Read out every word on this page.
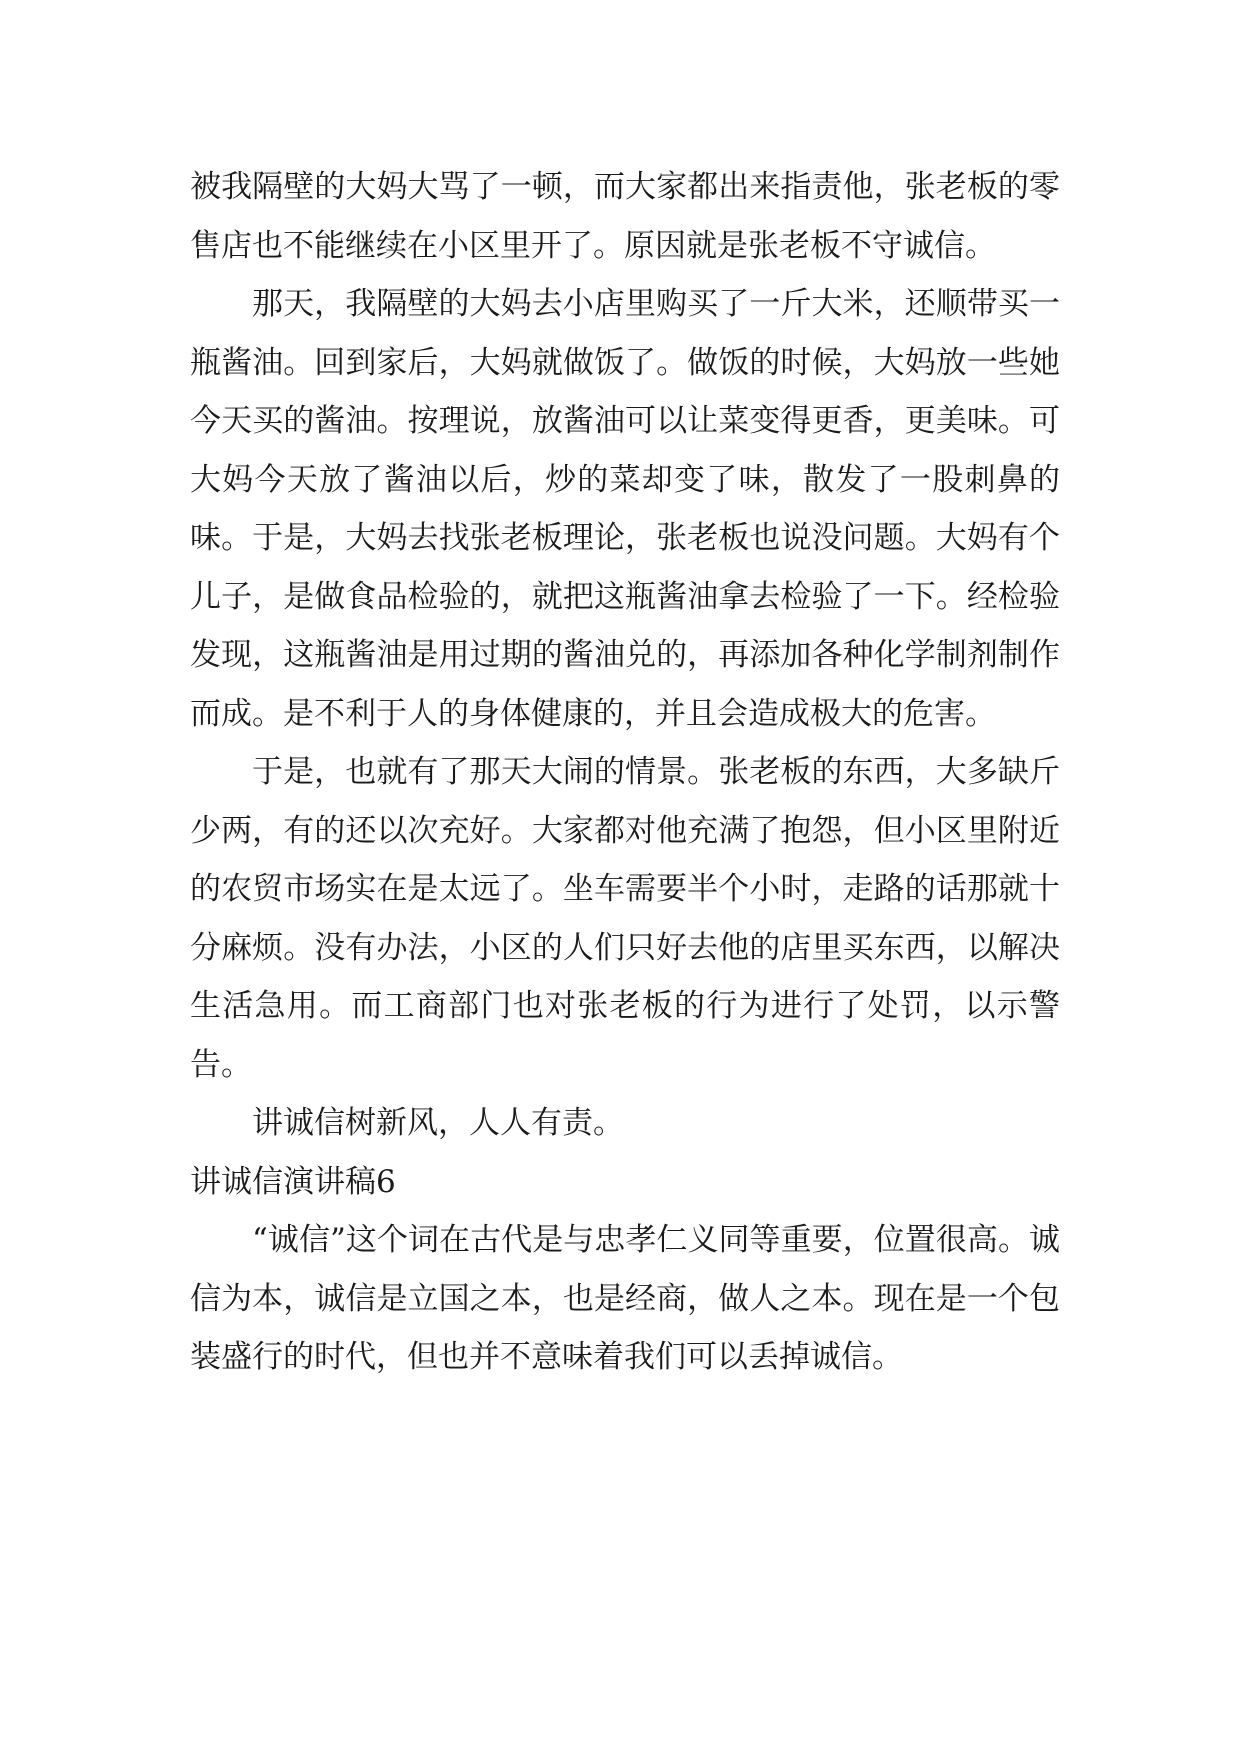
被我隔壁的大妈大骂了一顿，而大家都出来指责他，张老板的零售店也不能继续在小区里开了。原因就是张老板不守诚信。

那天，我隔壁的大妈去小店里购买了一斤大米，还顺带买一瓶酱油。回到家后，大妈就做饭了。做饭的时候，大妈放一些她今天买的酱油。按理说，放酱油可以让菜变得更香，更美味。可大妈今天放了酱油以后，炒的菜却变了味，散发了一股刺鼻的味。于是，大妈去找张老板理论，张老板也说没问题。大妈有个儿子，是做食品检验的，就把这瓶酱油拿去检验了一下。经检验发现，这瓶酱油是用过期的酱油兑的，再添加各种化学制剂制作而成。是不利于人的身体健康的，并且会造成极大的危害。

于是，也就有了那天大闹的情景。张老板的东西，大多缺斤少两，有的还以次充好。大家都对他充满了抱怨，但小区里附近的农贸市场实在是太远了。坐车需要半个小时，走路的话那就十分麻烦。没有办法，小区的人们只好去他的店里买东西，以解决生活急用。而工商部门也对张老板的行为进行了处罚，以示警告。

讲诚信树新风，人人有责。

讲诚信演讲稿6

“诚信”这个词在古代是与忠孝仁义同等重要，位置很高。诚信为本，诚信是立国之本，也是经商，做人之本。现在是一个包装盛行的时代，但也并不意味着我们可以丢掉诚信。
